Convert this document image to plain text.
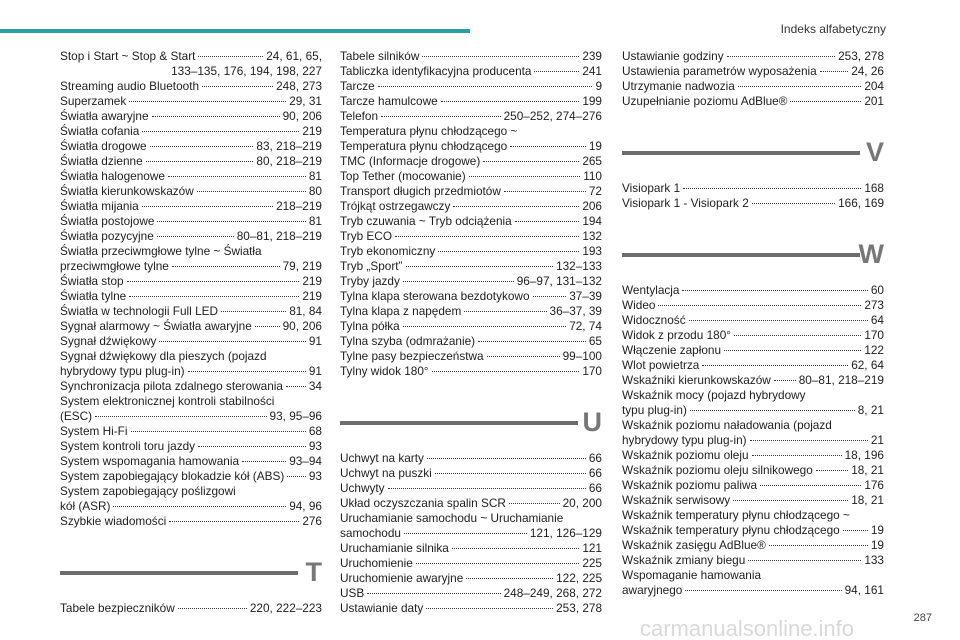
Indeks alfabetyczny
Stop i Start ~ Stop & Start	24, 61, 65,
133–135, 176, 194, 198, 227
Streaming audio Bluetooth	248, 273
Superzamek	29, 31
Światła awaryjne	90, 206
Światła cofania	219
Światła drogowe	83, 218–219
Światła dzienne	80, 218–219
Światła halogenowe	81
Światła kierunkowskazów	80
Światła mijania	218–219
Światła postojowe	81
Światła pozycyjne	80–81, 218–219
Światła przeciwmgłowe tylne ~ Światła
przeciwmgłowe tylne	79, 219
Światła stop	219
Światła tylne	219
Światła w technologii Full LED	81, 84
Sygnał alarmowy ~ Światła awaryjne	90, 206
Sygnał dźwiękowy	91
Sygnał dźwiękowy dla pieszych (pojazd
hybrydowy typu plug-in)	91
Synchronizacja pilota zdalnego sterowania 34
System elektronicznej kontroli stabilności
(ESC)	93, 95–96
System Hi-Fi	68
System kontroli toru jazdy	93
System wspomagania hamowania	93–94
System zapobiegający blokadzie kół (ABS) 93
System zapobiegający poślizgowi
kół (ASR)	94, 96
Szybkie wiadomości	276
T
Tabele bezpieczników	220, 222–223
Tabele silników	239
Tabliczka identyfikacyjna producenta	241
Tarcze	9
Tarcze hamulcowe	199
Telefon	250–252, 274–276
Temperatura płynu chłodzącego ~
Temperatura płynu chłodzącego	19
TMC (Informacje drogowe)	265
Top Tether (mocowanie)	110
Transport długich przedmiotów	72
Trójkąt ostrzegawczy	206
Tryb czuwania ~ Tryb odciążenia	194
Tryb ECO	132
Tryb ekonomiczny	193
Tryb „Sport”	132–133
Tryby jazdy	96–97, 131–132
Tylna klapa sterowana bezdotykowo	37–39
Tylna klapa z napędem	36–37, 39
Tylna półka	72, 74
Tylna szyba (odmrażanie)	65
Tylne pasy bezpieczeństwa	99–100
Tylny widok 180°	170
U
Uchwyt na karty	66
Uchwyt na puszki	66
Uchwyty	66
Układ oczyszczania spalin SCR	20, 200
Uruchamianie samochodu ~ Uruchamianie
samochodu	121, 126–129
Uruchamianie silnika	121
Uruchomienie	225
Uruchomienie awaryjne	122, 225
USB	248–249, 268, 272
Ustawianie daty	253, 278
Ustawianie godziny	253, 278
Ustawienia parametrów wyposażenia	24, 26
Utrzymanie nadwozia	204
Uzupełnianie poziomu AdBlue®	201
V
Visiopark 1	168
Visiopark 1 - Visiopark 2	166, 169
W
Wentylacja	60
Wideo	273
Widoczność	64
Widok z przodu 180°	170
Włączenie zapłonu	122
Wlot powietrza	62, 64
Wskaźniki kierunkowskazów 80–81, 218–219
Wskaźnik mocy (pojazd hybrydowy
typu plug-in)	8, 21
Wskaźnik poziomu naładowania (pojazd
hybrydowy typu plug-in)	21
Wskaźnik poziomu oleju	18, 196
Wskaźnik poziomu oleju silnikowego	18, 21
Wskaźnik poziomu paliwa	176
Wskaźnik serwisowy	18, 21
Wskaźnik temperatury płynu chłodzącego ~
Wskaźnik temperatury płynu chłodzącego	19
Wskaźnik zasięgu AdBlue®	19
Wskaźnik zmiany biegu	133
Wspomaganie hamowania
awaryjnego	94, 161
287
carmanualsonline.info
